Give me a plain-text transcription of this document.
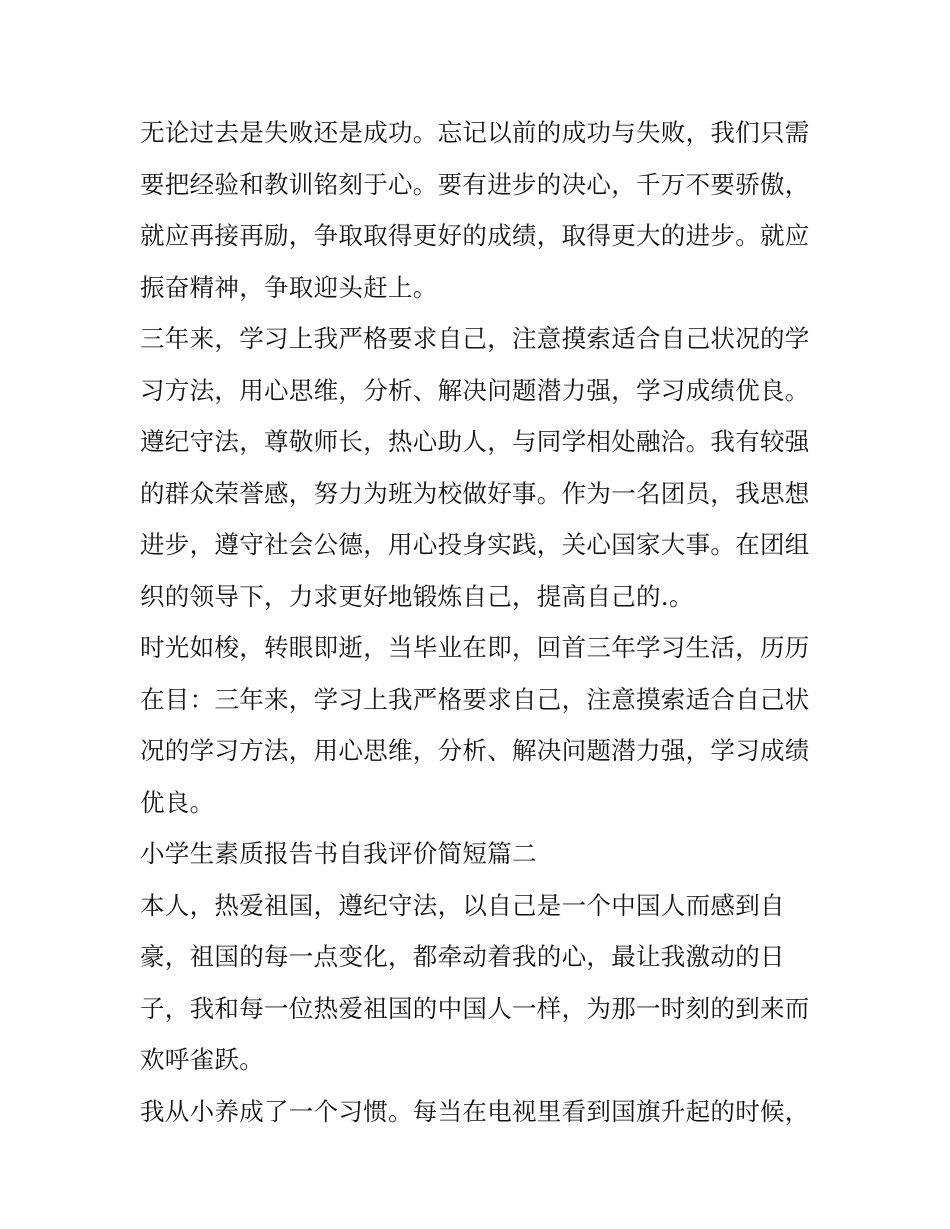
无论过去是失败还是成功。忘记以前的成功与失败，我们只需
要把经验和教训铭刻于心。要有进步的决心，千万不要骄傲，
就应再接再励，争取取得更好的成绩，取得更大的进步。就应
振奋精神，争取迎头赶上。
三年来，学习上我严格要求自己，注意摸索适合自己状况的学
习方法，用心思维，分析、解决问题潜力强，学习成绩优良。
遵纪守法，尊敬师长，热心助人，与同学相处融洽。我有较强
的群众荣誉感，努力为班为校做好事。作为一名团员，我思想
进步，遵守社会公德，用心投身实践，关心国家大事。在团组
织的领导下，力求更好地锻炼自己，提高自己的.。
时光如梭，转眼即逝，当毕业在即，回首三年学习生活，历历
在目：三年来，学习上我严格要求自己，注意摸索适合自己状
况的学习方法，用心思维，分析、解决问题潜力强，学习成绩
优良。
小学生素质报告书自我评价简短篇二
本人，热爱祖国，遵纪守法，以自己是一个中国人而感到自
豪，祖国的每一点变化，都牵动着我的心，最让我激动的日
子，我和每一位热爱祖国的中国人一样，为那一时刻的到来而
欢呼雀跃。
我从小养成了一个习惯。每当在电视里看到国旗升起的时候，
